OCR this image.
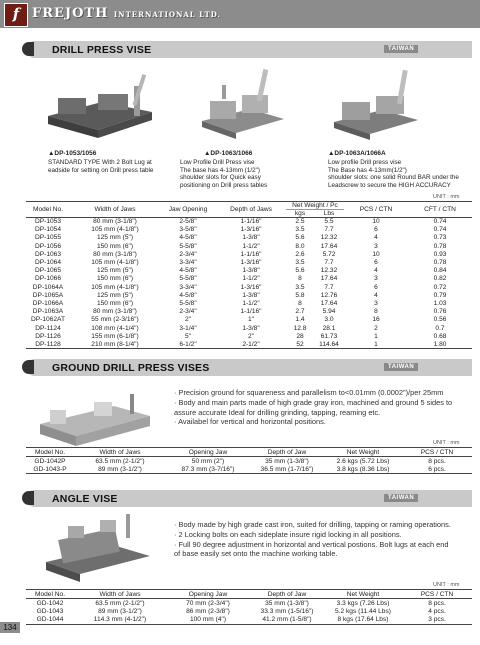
f FREJOTH INTERNATIONAL LTD.
DRILL PRESS VISE	TAIWAN
▲DP-1053/1056
STANDARD TYPE With 2 Bolt Lug at
eadside for setting on Drill press table
▲DP-1063/1066
Low Profile Drill Press vise
The base has 4-13mm (1/2")
shoulder slots for Quick easy
positioning on Drill press tables
▲DP-1063A/1066A
Low profile Drill press vise
The Base has 4-13mm(1/2")
shoulder slots: one solid Round BAR under the
Leadscrew to secure the HIGH ACCURACY
UNIT : mm
Model No.	Width of Jaws	Jaw Opening	Depth of Jaws	Net Weight / Pc		PCS / CTN	CFT / CTN
				kgs	Lbs		
DP-1053	80 mm (3-1/8")	2-5/8"	1-1/16"	2.5	5.5	10	0.74
DP-1054	105 mm (4-1/8")	3-5/8"	1-3/16"	3.5	7.7	6	0.74
DP-1055	125 mm (5")	4-5/8"	1-3/8"	5.6	12.32	4	0.73
DP-1056	150 mm (6")	5-5/8"	1-1/2"	8.0	17.64	3	0.78
DP-1063	80 mm (3-1/8")	2-3/4"	1-1/16"	2.6	5.72	10	0.93
DP-1064	105 mm (4-1/8")	3-3/4"	1-3/16"	3.5	7.7	6	0.78
DP-1065	125 mm (5")	4-5/8"	1-3/8"	5.6	12.32	4	0.84
DP-1066	150 mm (6")	5-5/8"	1-1/2"	8	17.64	3	0.82
DP-1064A	105 mm (4-1/8")	3-3/4"	1-3/16"	3.5	7.7	6	0.72
DP-1065A	125 mm (5")	4-5/8"	1-3/8"	5.8	12.76	4	0.79
DP-1066A	150 mm (6")	5-5/8"	1-1/2"	8	17.64	3	1.03
DP-1063A	80 mm (3-1/8")	2-3/4"	1-1/16"	2.7	5.94	8	0.76
DP-1062AT	55 mm (2-3/16")	2"	1"	1.4	3.0	16	0.56
DP-1124	108 mm (4-1/4")	3-1/4"	1-3/8"	12.8	28.1	2	0.7
DP-1126	155 mm (6-1/8")	5"	2"	28	61.73	1	0.68
DP-1128	210 mm (8-1/4")	6-1/2"	2-1/2"	52	114.64	1	1.80
GROUND DRILL PRESS VISES	TAIWAN
· Precision ground for squareness and parallelism to<0.01mm (0.0002")/per 25mm
· Body and main parts made of high grade gray iron, machined and ground 5 sides to
assure accurate Ideal for drilling grinding, tapping, reaming etc.
· Availabel for vertical and horizontal positions.
UNIT : mm
Model No.	Width of Jaws	Opening Jaw	Depth of Jaw	Net Weight	PCS / CTN
GD-1042P	63.5 mm (2-1/2")	50 mm (2")	35 mm (1-3/8")	2.6 kgs (5.72 Lbs)	8 pcs.
GD-1043-P	89 mm (3-1/2")	87.3 mm (3-7/16")	36.5 mm (1-7/16")	3.8 kgs (8.36 Lbs)	6 pcs.
ANGLE VISE	TAIWAN
· Body made by high grade cast iron, suited for drilling, tapping or raming operations.
· 2 Locking bolts on each sideplate insure rigid locking in all positions.
· Full 90 degree adjustment in horizontal and vertical postions. Bolt lugs at each end
of base easily set onto the machine working table.
UNIT : mm
Model No.	Width of Jaws	Opening Jaw	Depth of Jaw	Net Weight	PCS / CTN
GD-1042	63.5 mm (2-1/2")	70 mm (2-3/4")	35 mm (1-3/8")	3.3 kgs (7.26 Lbs)	8 pcs.
GD-1043	89 mm (3-1/2")	86 mm (2-3/8")	33.3 mm (1-5/16")	5.2 kgs (11.44 Lbs)	4 pcs.
GD-1044	114.3 mm (4-1/2")	100 mm (4")	41.2 mm (1-5/8")	8 kgs (17.64 Lbs)	3 pcs.
134
